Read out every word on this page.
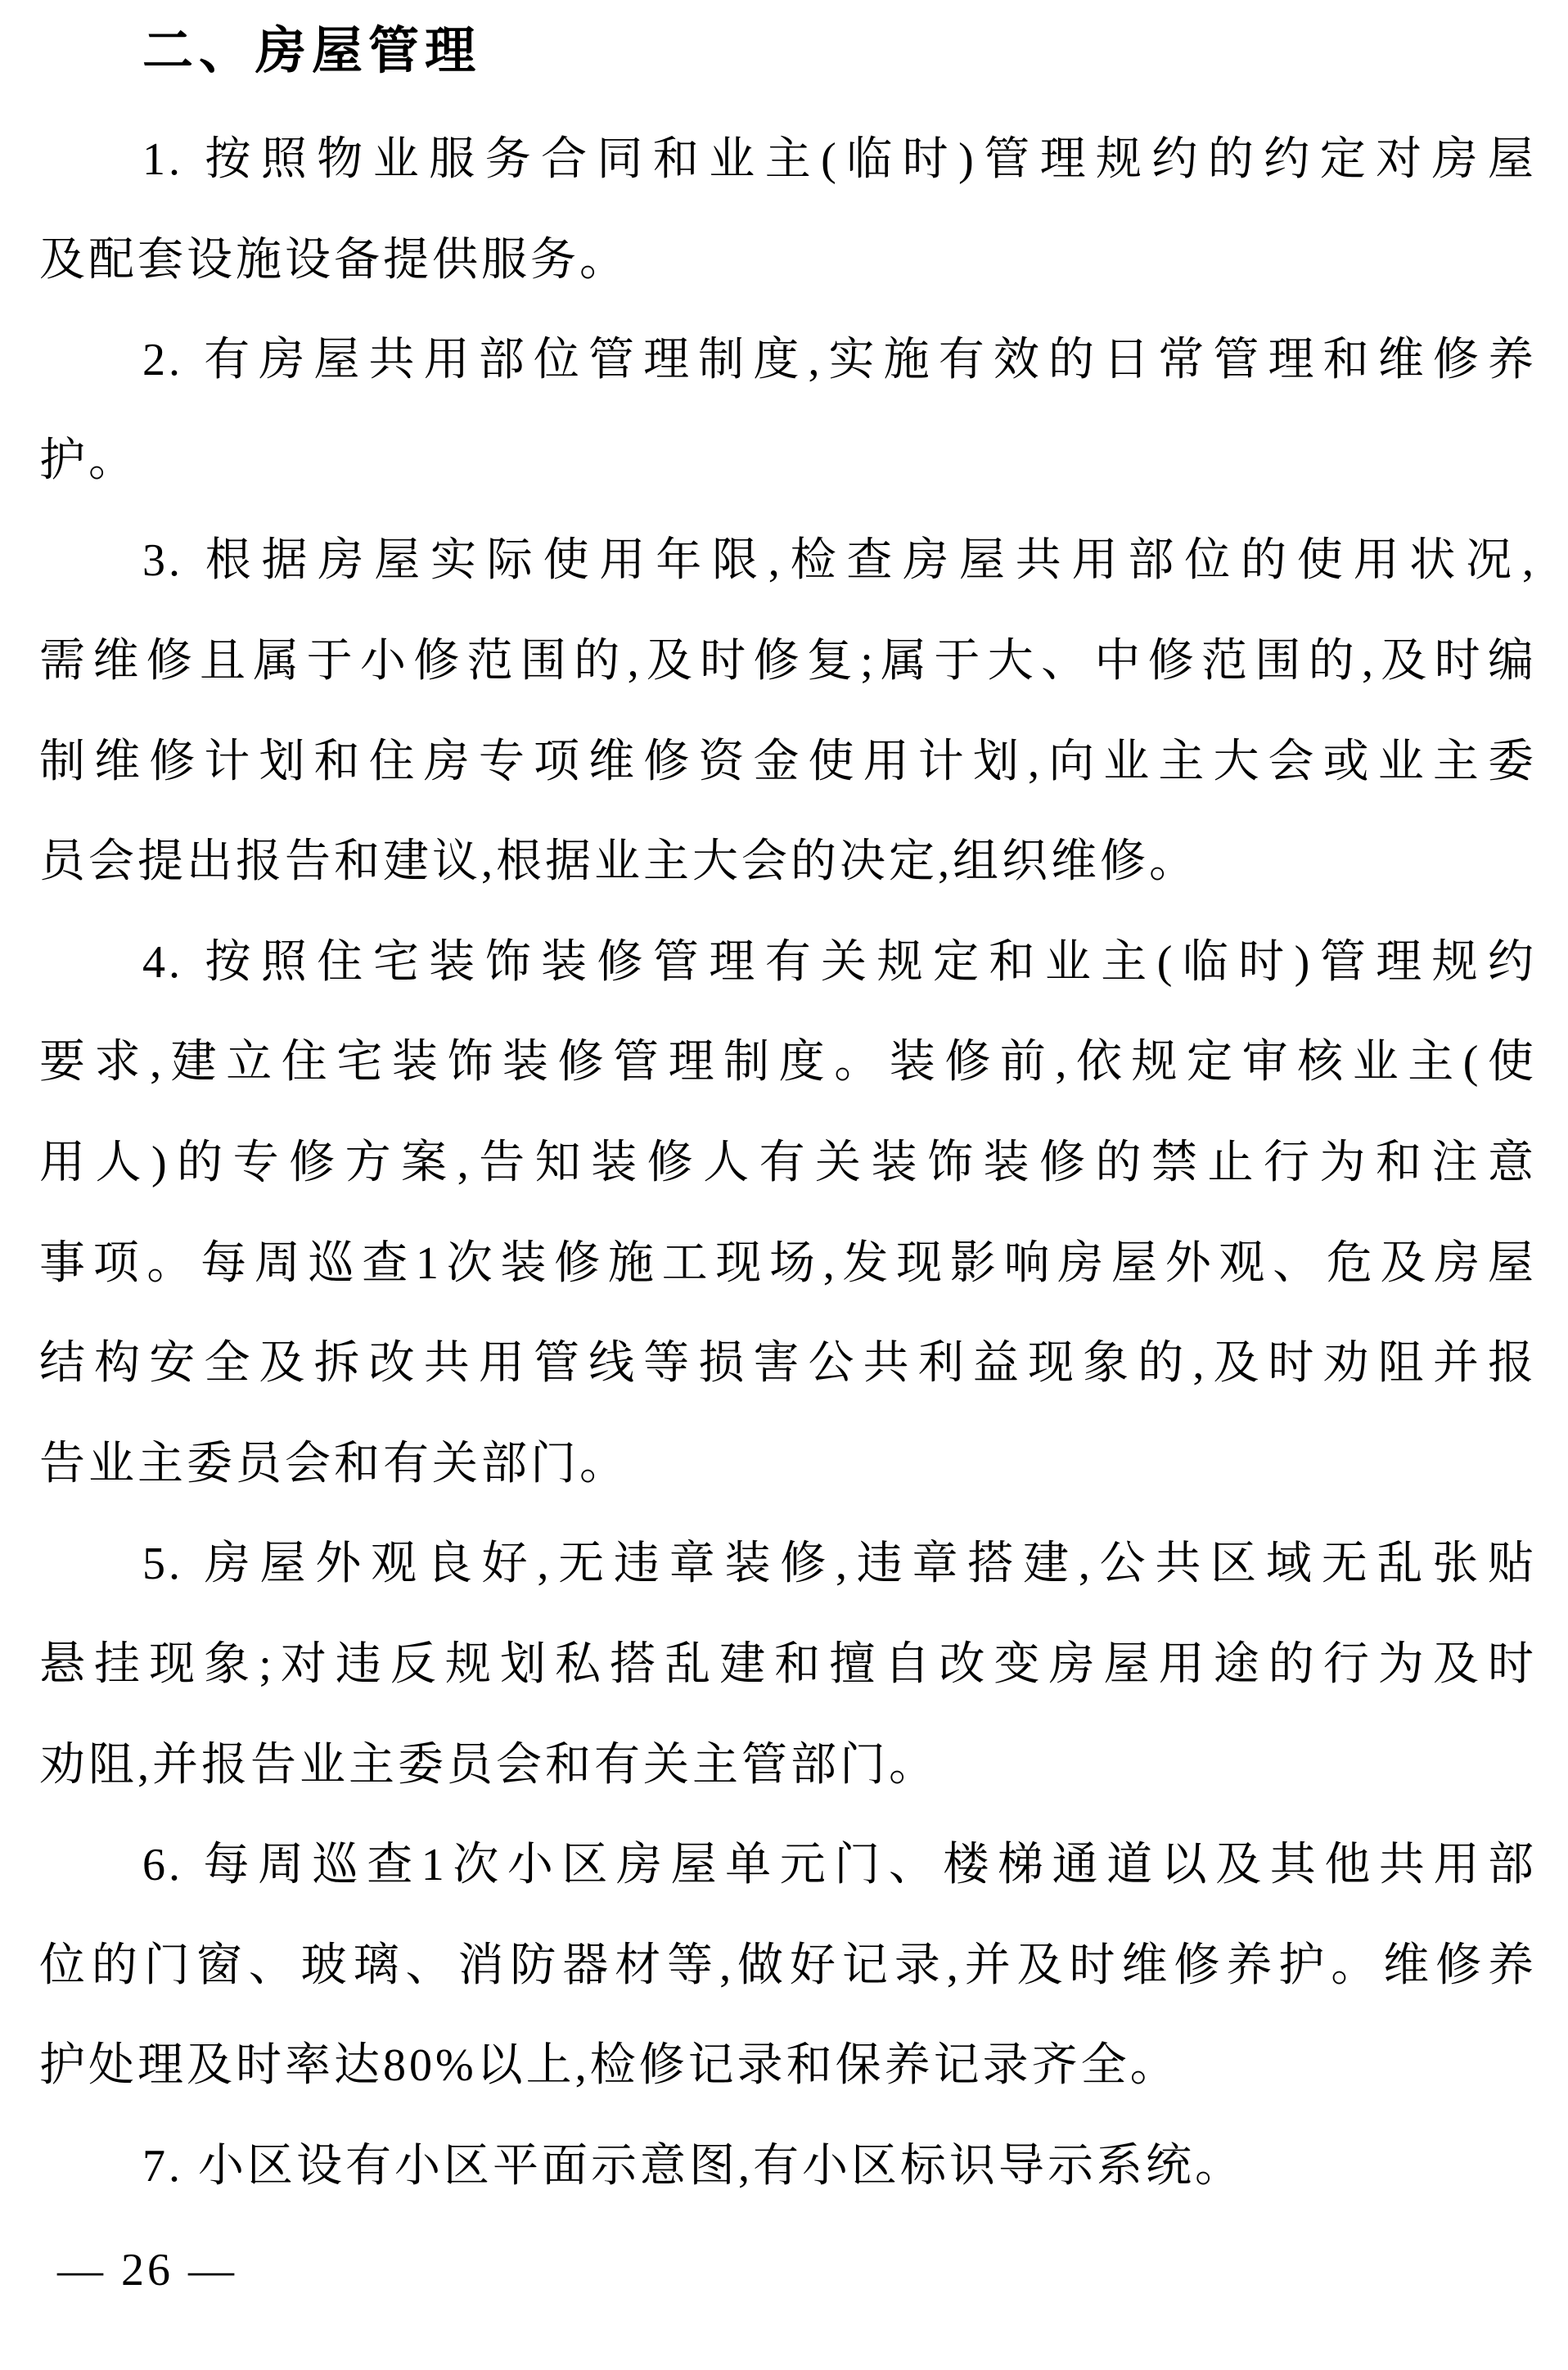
二、房屋管理
1. 按照物业服务合同和业主(临时)管理规约的约定对房屋
及配套设施设备提供服务。
2. 有房屋共用部位管理制度,实施有效的日常管理和维修养
护。
3. 根据房屋实际使用年限,检查房屋共用部位的使用状况,
需维修且属于小修范围的,及时修复;属于大、中修范围的,及时编
制维修计划和住房专项维修资金使用计划,向业主大会或业主委
员会提出报告和建议,根据业主大会的决定,组织维修。
4. 按照住宅装饰装修管理有关规定和业主(临时)管理规约
要求,建立住宅装饰装修管理制度。装修前,依规定审核业主(使
用人)的专修方案,告知装修人有关装饰装修的禁止行为和注意
事项。每周巡查1次装修施工现场,发现影响房屋外观、危及房屋
结构安全及拆改共用管线等损害公共利益现象的,及时劝阻并报
告业主委员会和有关部门。
5. 房屋外观良好,无违章装修,违章搭建,公共区域无乱张贴
悬挂现象;对违反规划私搭乱建和擅自改变房屋用途的行为及时
劝阻,并报告业主委员会和有关主管部门。
6. 每周巡查1次小区房屋单元门、楼梯通道以及其他共用部
位的门窗、玻璃、消防器材等,做好记录,并及时维修养护。维修养
护处理及时率达80%以上,检修记录和保养记录齐全。
7. 小区设有小区平面示意图,有小区标识导示系统。
— 26 —
